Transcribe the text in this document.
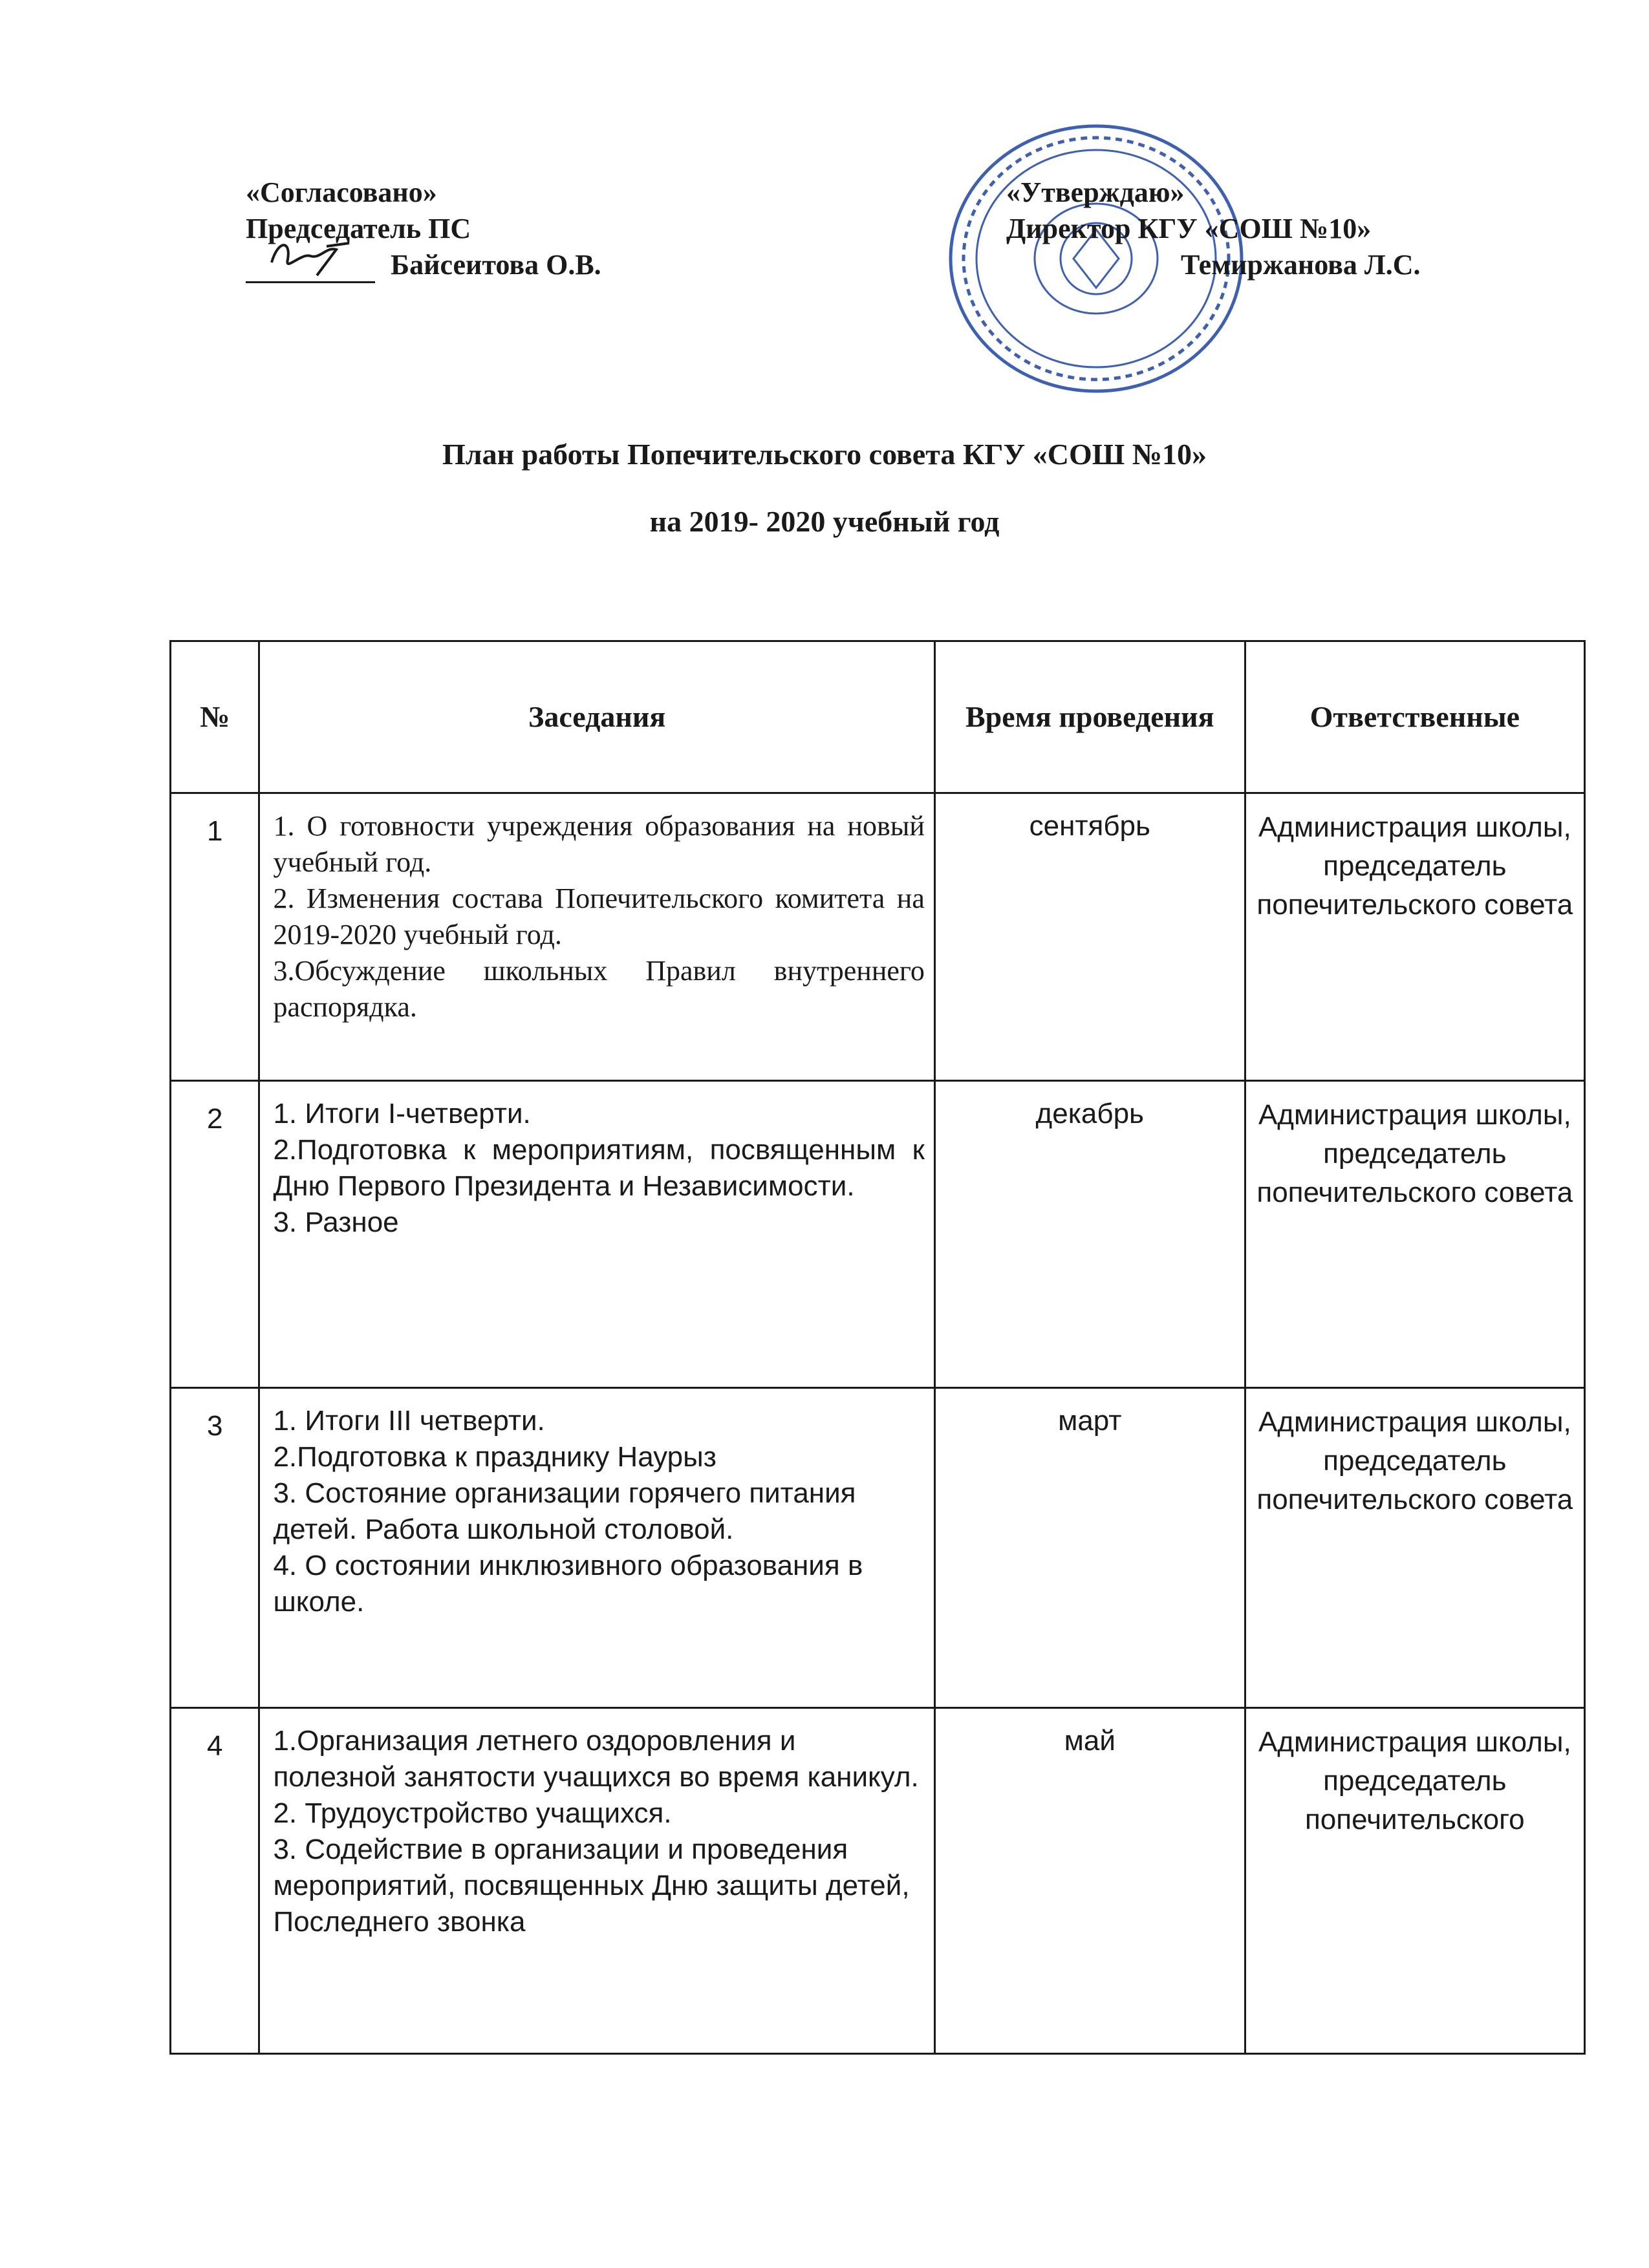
«Согласовано»
Председатель ПС
Байсеитова О.В.
«Утверждаю»
Директор КГУ «СОШ №10»
Темиржанова Л.С.
План работы Попечительского совета КГУ «СОШ №10»
на 2019- 2020 учебный год
№	Заседания	Время проведения	Ответственные
1	1. О готовности учреждения образования на новый учебный год.
2. Изменения состава Попечительского комитета на 2019-2020 учебный год.
3.Обсуждение школьных Правил внутреннего распорядка.	сентябрь	Администрация школы, председатель попечительского совета
2	1. Итоги I-четверти.
2.Подготовка к мероприятиям, посвященным к Дню Первого Президента и Независимости.
3. Разное	декабрь	Администрация школы, председатель попечительского совета
3	1. Итоги III четверти.
2.Подготовка к празднику Наурыз
3. Состояние организации горячего питания детей. Работа школьной столовой.
4. О состоянии инклюзивного образования в школе.	март	Администрация школы, председатель попечительского совета
4	1.Организация летнего оздоровления и полезной занятости учащихся во время каникул.
2. Трудоустройство учащихся.
3. Содействие в организации и проведения мероприятий, посвященных Дню защиты детей, Последнего звонка	май	Администрация школы, председатель попечительского
